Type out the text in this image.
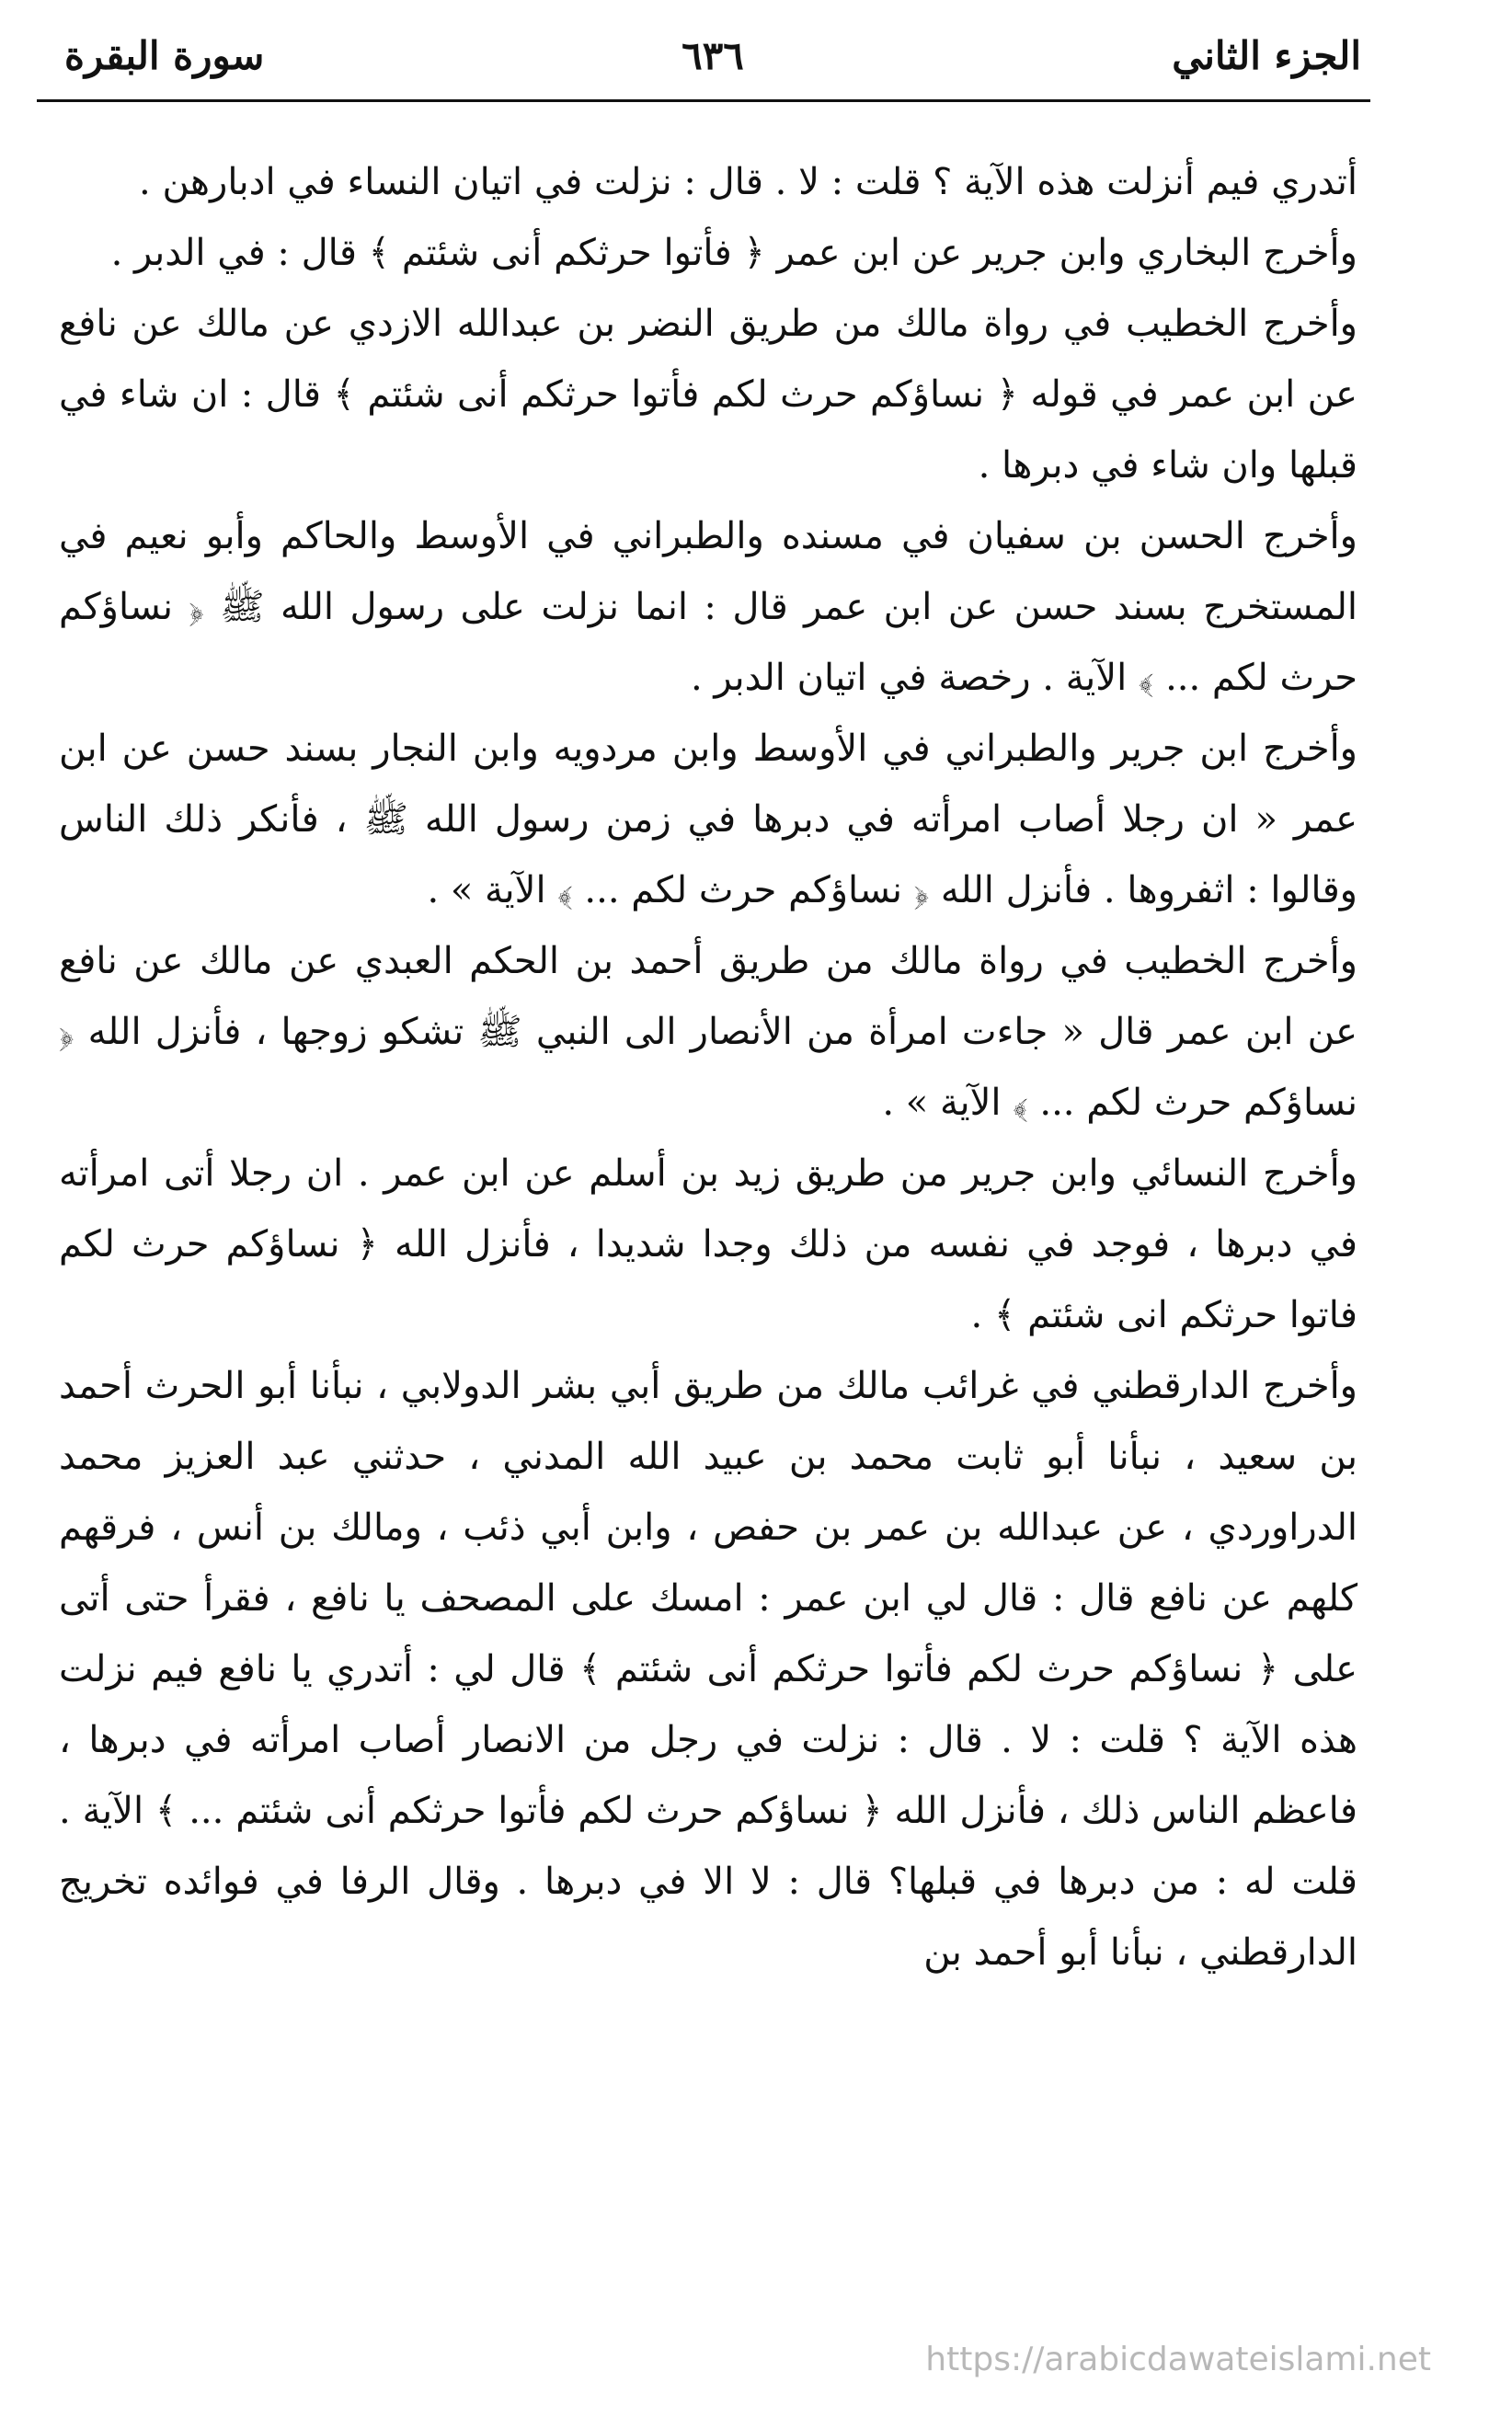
الجزء الثاني
٦٣٦
سورة البقرة

أتدري فيم أنزلت هذه الآية ؟ قلت : لا . قال : نزلت في اتيان النساء في ادبارهن .

وأخرج البخاري وابن جرير عن ابن عمر ﴿ فأتوا حرثكم أنى شئتم ﴾ قال : في الدبر .

وأخرج الخطيب في رواة مالك من طريق النضر بن عبدالله الازدي عن مالك عن نافع عن ابن عمر في قوله ﴿ نساؤكم حرث لكم فأتوا حرثكم أنى شئتم ﴾ قال : ان شاء في قبلها وان شاء في دبرها .

وأخرج الحسن بن سفيان في مسنده والطبراني في الأوسط والحاكم وأبو نعيم في المستخرج بسند حسن عن ابن عمر قال : انما نزلت على رسول الله ﷺ ﴿ نساؤكم حرث لكم ... ﴾ الآية . رخصة في اتيان الدبر .

وأخرج ابن جرير والطبراني في الأوسط وابن مردويه وابن النجار بسند حسن عن ابن عمر « ان رجلا أصاب امرأته في دبرها في زمن رسول الله ﷺ ، فأنكر ذلك الناس وقالوا : اثفروها . فأنزل الله ﴿ نساؤكم حرث لكم ... ﴾ الآية » .

وأخرج الخطيب في رواة مالك من طريق أحمد بن الحكم العبدي عن مالك عن نافع عن ابن عمر قال « جاءت امرأة من الأنصار الى النبي ﷺ تشكو زوجها ، فأنزل الله ﴿ نساؤكم حرث لكم ... ﴾ الآية » .

وأخرج النسائي وابن جرير من طريق زيد بن أسلم عن ابن عمر . ان رجلا أتى امرأته في دبرها ، فوجد في نفسه من ذلك وجدا شديدا ، فأنزل الله ﴿ نساؤكم حرث لكم فاتوا حرثكم انى شئتم ﴾ .

وأخرج الدارقطني في غرائب مالك من طريق أبي بشر الدولابي ، نبأنا أبو الحرث أحمد بن سعيد ، نبأنا أبو ثابت محمد بن عبيد الله المدني ، حدثني عبد العزيز محمد الدراوردي ، عن عبدالله بن عمر بن حفص ، وابن أبي ذئب ، ومالك بن أنس ، فرقهم كلهم عن نافع قال : قال لي ابن عمر : امسك على المصحف يا نافع ، فقرأ حتى أتى على ﴿ نساؤكم حرث لكم فأتوا حرثكم أنى شئتم ﴾ قال لي : أتدري يا نافع فيم نزلت هذه الآية ؟ قلت : لا . قال : نزلت في رجل من الانصار أصاب امرأته في دبرها ، فاعظم الناس ذلك ، فأنزل الله ﴿ نساؤكم حرث لكم فأتوا حرثكم أنى شئتم ... ﴾ الآية . قلت له : من دبرها في قبلها؟ قال : لا الا في دبرها . وقال الرفا في فوائده تخريج الدارقطني ، نبأنا أبو أحمد بن

https://arabicdawateislami.net
